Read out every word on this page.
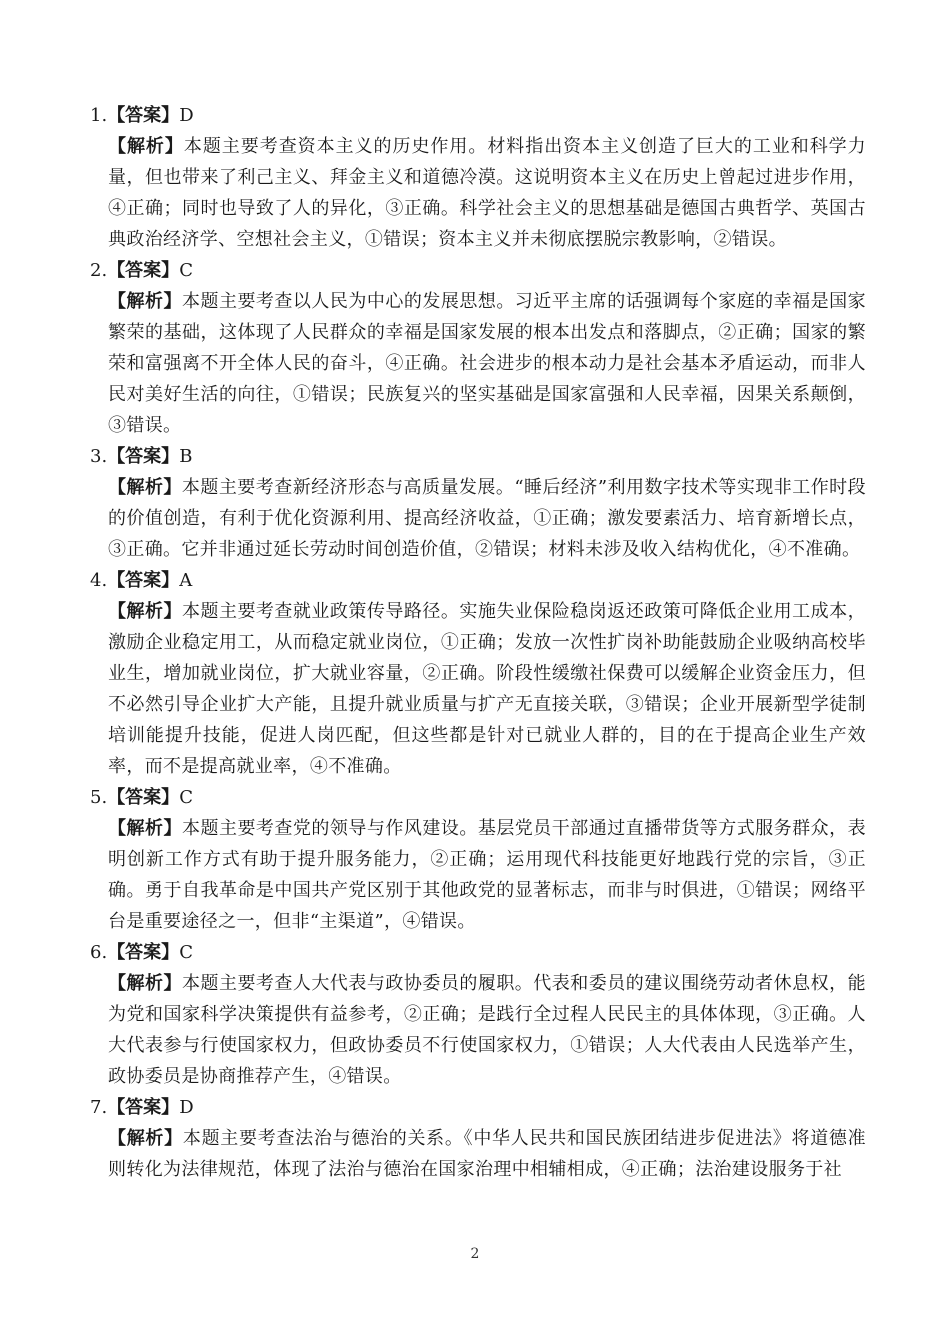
1.【答案】D
【解析】本题主要考查资本主义的历史作用。材料指出资本主义创造了巨大的工业和科学力量，但也带来了利己主义、拜金主义和道德冷漠。这说明资本主义在历史上曾起过进步作用，④正确；同时也导致了人的异化，③正确。科学社会主义的思想基础是德国古典哲学、英国古典政治经济学、空想社会主义，①错误；资本主义并未彻底摆脱宗教影响，②错误。
2.【答案】C
【解析】本题主要考查以人民为中心的发展思想。习近平主席的话强调每个家庭的幸福是国家繁荣的基础，这体现了人民群众的幸福是国家发展的根本出发点和落脚点，②正确；国家的繁荣和富强离不开全体人民的奋斗，④正确。社会进步的根本动力是社会基本矛盾运动，而非人民对美好生活的向往，①错误；民族复兴的坚实基础是国家富强和人民幸福，因果关系颠倒，③错误。
3.【答案】B
【解析】本题主要考查新经济形态与高质量发展。“睡后经济”利用数字技术等实现非工作时段的价值创造，有利于优化资源利用、提高经济收益，①正确；激发要素活力、培育新增长点，③正确。它并非通过延长劳动时间创造价值，②错误；材料未涉及收入结构优化，④不准确。
4.【答案】A
【解析】本题主要考查就业政策传导路径。实施失业保险稳岗返还政策可降低企业用工成本，激励企业稳定用工，从而稳定就业岗位，①正确；发放一次性扩岗补助能鼓励企业吸纳高校毕业生，增加就业岗位，扩大就业容量，②正确。阶段性缓缴社保费可以缓解企业资金压力，但不必然引导企业扩大产能，且提升就业质量与扩产无直接关联，③错误；企业开展新型学徒制培训能提升技能，促进人岗匹配，但这些都是针对已就业人群的，目的在于提高企业生产效率，而不是提高就业率，④不准确。
5.【答案】C
【解析】本题主要考查党的领导与作风建设。基层党员干部通过直播带货等方式服务群众，表明创新工作方式有助于提升服务能力，②正确；运用现代科技能更好地践行党的宗旨，③正确。勇于自我革命是中国共产党区别于其他政党的显著标志，而非与时俱进，①错误；网络平台是重要途径之一，但非“主渠道”，④错误。
6.【答案】C
【解析】本题主要考查人大代表与政协委员的履职。代表和委员的建议围绕劳动者休息权，能为党和国家科学决策提供有益参考，②正确；是践行全过程人民民主的具体体现，③正确。人大代表参与行使国家权力，但政协委员不行使国家权力，①错误；人大代表由人民选举产生，政协委员是协商推荐产生，④错误。
7.【答案】D
【解析】本题主要考查法治与德治的关系。《中华人民共和国民族团结进步促进法》将道德准则转化为法律规范，体现了法治与德治在国家治理中相辅相成，④正确；法治建设服务于社
2
